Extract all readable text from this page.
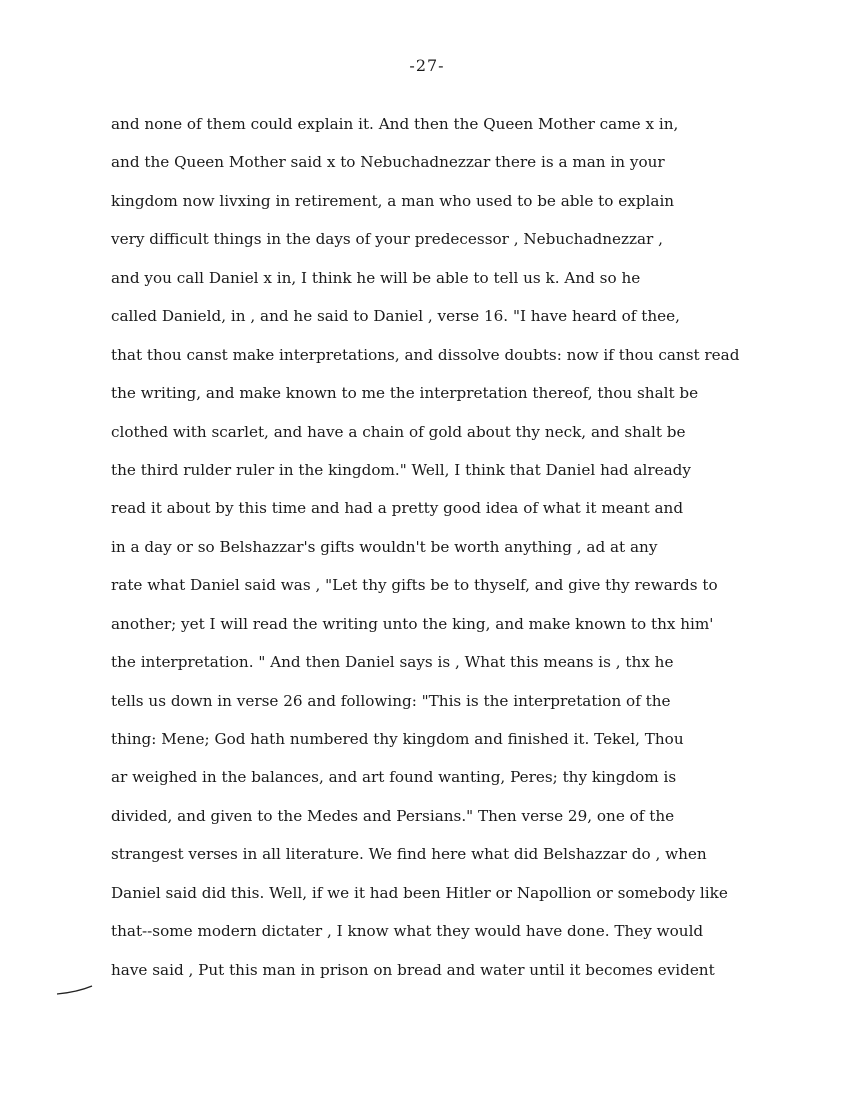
-27-
and none of them could explain it. And then the Queen Mother came x in,
and the Queen Mother said x to Nebuchadnezzar there is a man in your
kingdom now livxing in retirement, a man who used to be able to explain
very difficult things in the days of your predecessor , Nebuchadnezzar ,
and you call Daniel x in, I think he will be able to tell us k. And so he
called Danield, in , and he said to Daniel , verse 16. "I have heard of thee,
that thou canst make interpretations, and dissolve doubts: now if thou canst read
the writing, and make known to me the interpretation thereof, thou shalt be
clothed with scarlet, and have a chain of gold about thy neck, and shalt be
the third rulder ruler in the kingdom." Well, I think that Daniel had already
read it about by this time and had a pretty good idea of what it meant and
in a day or so Belshazzar's gifts wouldn't be worth anything , ad at any
rate what Daniel said was , "Let thy gifts be to thyself, and give thy rewards to
another; yet I will read the writing unto the king, and make known to thx him'
the interpretation. " And then Daniel says is , What this means is , thx he
tells us down in verse 26 and following: "This is the interpretation of the
thing: Mene; God hath numbered thy kingdom and finished it. Tekel, Thou
ar weighed in the balances, and art found wanting, Peres; thy kingdom is
divided, and given to the Medes and Persians." Then verse 29, one of the
strangest verses in all literature. We find here what did Belshazzar do , when
Daniel said did this. Well, if we it had been Hitler or Napollion or somebody like
that--some modern dictater , I know what they would have done. They would
have said , Put this man in prison on bread and water until it becomes evident
